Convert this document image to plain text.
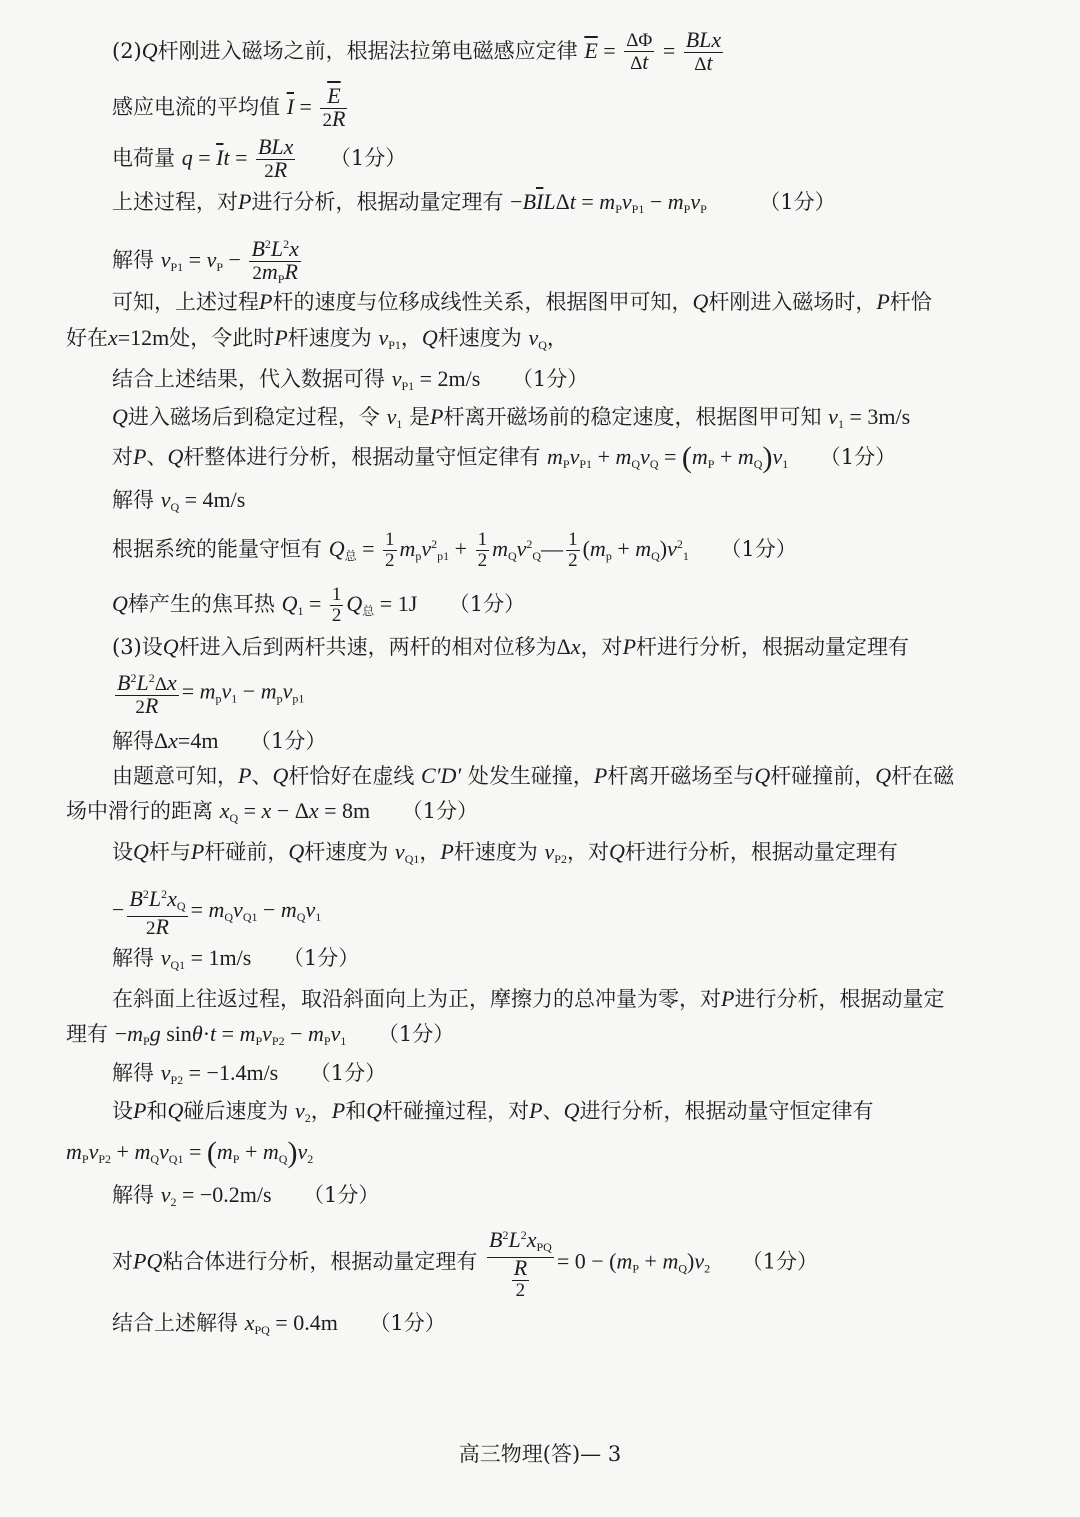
(2)Q杆刚进入磁场之前，根据法拉第电磁感应定律 $\overline{E} = \frac{\Delta\Phi}{\Delta t} = \frac{\text{BLx}}{\Delta t}$
感应电流的平均值 $\overline{I} = \frac{\overline{E}}{2R}$
电荷量 $q = \overline{I}t = \frac{\text{BLx}}{2R}$ 　　（1分）
上述过程，对P进行分析，根据动量定理有 $-B\overline{I}L\Delta t = m_Pv_{P1} - m_Pv_P$　　　（1分）
解得 $v_{P1} = v_P - \frac{B^2L^2x}{2m_PR}$
可知，上述过程P杆的速度与位移成线性关系，根据图甲可知，Q杆刚进入磁场时，P杆恰
好在x=12m处，令此时P杆速度为 $v_{P1}$，Q杆速度为 $v_Q$，
结合上述结果，代入数据可得 $v_{P1} = 2m/s$　　（1分）
Q进入磁场后到稳定过程，令 $v_1$ 是P杆离开磁场前的稳定速度，根据图甲可知 $v_1 = 3m/s$
对P、Q杆整体进行分析，根据动量守恒定律有 $m_Pv_{P1} + m_Qv_Q = (m_P + m_Q)v_1$　　（1分）
解得 $v_Q = 4m/s$
根据系统的能量守恒有 $Q_总 = \frac{1}{2} m_pv^2_{p1} + \frac{1}{2}$ $m_Qv^2_Q— \frac{1}{2} (m_p + m_Q)v^2_1$　　（1分）
Q棒产生的焦耳热 $Q_1 = \frac{1}{2} Q_总 = 1J$　　（1分）
(3)设Q杆进入后到两杆共速，两杆的相对位移为Δx，对P杆进行分析，根据动量定理有
$\frac{B^2L^2\Delta x}{2R} = m_pv_1 - m_pv_{p1}$
解得Δx=4m　　（1分）
由题意可知，P、Q杆恰好在虚线 C′D′ 处发生碰撞，P杆离开磁场至与Q杆碰撞前，Q杆在磁
场中滑行的距离 $x_Q = x - \Delta x = 8m$　　（1分）
设Q杆与P杆碰前，Q杆速度为 $v_{Q1}$，P杆速度为 $v_{P2}$，对Q杆进行分析，根据动量定理有
− $\frac{B^2L^2x_Q}{2R} = m_Qv_{Q1} - m_Qv_1$
解得 $v_{Q1} = 1m/s$　　（1分）
在斜面上往返过程，取沿斜面向上为正，摩擦力的总冲量为零，对P进行分析，根据动量定
理有 $-m_Pg$ $\sin\theta\cdot t = m_Pv_{P2} - m_Pv_1$　　（1分）
解得 $v_{P2} = -1.4m/s$　　（1分）
设P和Q碰后速度为 $v_2$，P和Q杆碰撞过程，对P、Q进行分析，根据动量守恒定律有
$m_Pv_{P2} + m_Qv_{Q1} = (m_P + m_Q)v_2$
解得 $v_2 = -0.2m/s$　　（1分）
对PQ粘合体进行分析，根据动量定理有 $\frac{B^2L^2x_{PQ}}{\frac{R}{2}} = 0 - (m_P + m_Q)v_2$　　（1分）
结合上述解得 $x_{PQ} = 0.4m$　　（1分）
高三物理(答)— 3
